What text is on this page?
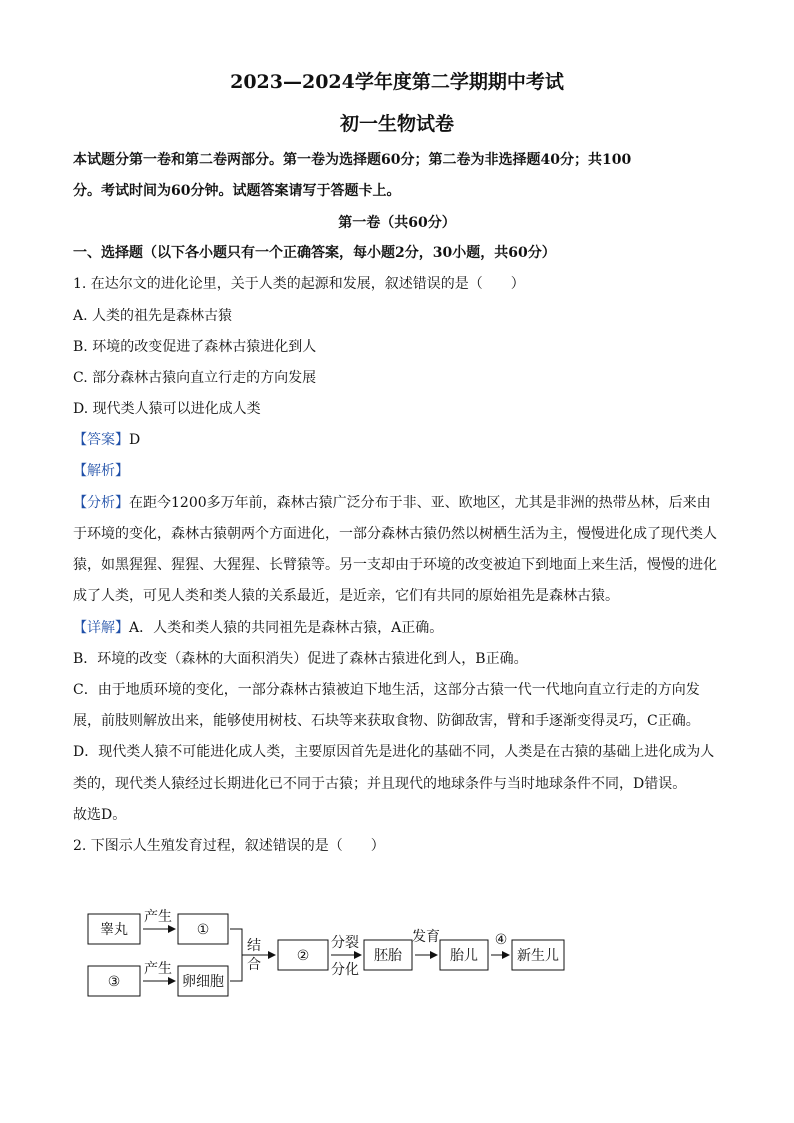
2023—2024学年度第二学期期中考试
初一生物试卷
本试题分第一卷和第二卷两部分。第一卷为选择题60分；第二卷为非选择题40分；共100
分。考试时间为60分钟。试题答案请写于答题卡上。
第一卷（共60分）
一、选择题（以下各小题只有一个正确答案，每小题2分，30小题，共60分）
1. 在达尔文的进化论里，关于人类的起源和发展，叙述错误的是（　　）
A. 人类的祖先是森林古猿
B. 环境的改变促进了森林古猿进化到人
C. 部分森林古猿向直立行走的方向发展
D. 现代类人猿可以进化成人类
【答案】D
【解析】
【分析】在距今1200多万年前，森林古猿广泛分布于非、亚、欧地区，尤其是非洲的热带丛林，后来由
于环境的变化，森林古猿朝两个方面进化，一部分森林古猿仍然以树栖生活为主，慢慢进化成了现代类人
猿，如黑猩猩、猩猩、大猩猩、长臂猿等。另一支却由于环境的改变被迫下到地面上来生活，慢慢的进化
成了人类，可见人类和类人猿的关系最近，是近亲，它们有共同的原始祖先是森林古猿。
【详解】A．人类和类人猿的共同祖先是森林古猿，A正确。
B．环境的改变（森林的大面积消失）促进了森林古猿进化到人，B正确。
C．由于地质环境的变化，一部分森林古猿被迫下地生活，这部分古猿一代一代地向直立行走的方向发
展，前肢则解放出来，能够使用树枝、石块等来获取食物、防御敌害，臂和手逐渐变得灵巧，C正确。
D．现代类人猿不可能进化成人类，主要原因首先是进化的基础不同，人类是在古猿的基础上进化成为人
类的，现代类人猿经过长期进化已不同于古猿；并且现代的地球条件与当时地球条件不同，D错误。
故选D。
2. 下图示人生殖发育过程，叙述错误的是（　　）
睾丸	①
③	卵细胞
②	胚胎	胎儿	新生儿
产生
产生
结
合
分裂
分化
发育	④
